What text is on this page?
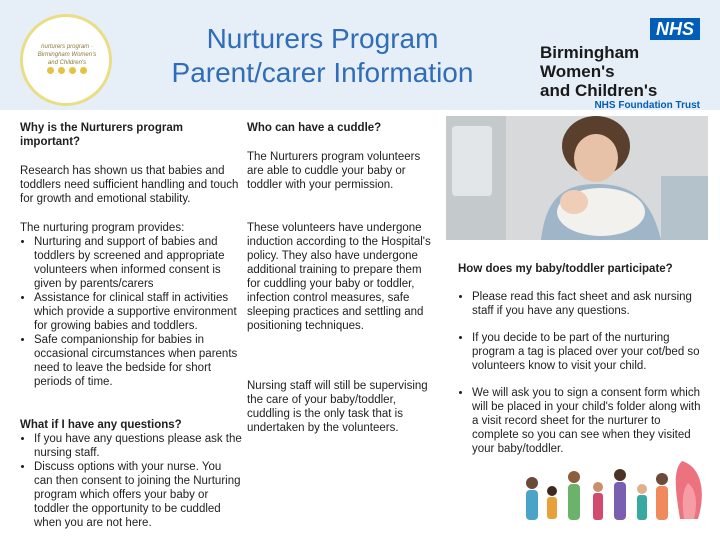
nurturers program · Birmingham Women's and Children's
Nurturers Program
Parent/carer Information
NHS
Birmingham Women's
and Children's
NHS Foundation Trust
Why is the Nurturers program
important?
Research has shown us that babies and toddlers need sufficient handling and touch for growth and emotional stability.
The nurturing program provides:
• Nurturing and support of babies and toddlers by screened and appropriate volunteers when informed consent is given by parents/carers
• Assistance for clinical staff in activities which provide a supportive environment for growing babies and toddlers.
• Safe companionship for babies in occasional circumstances when parents need to leave the bedside for short periods of time.
What if I have any questions?
• If you have any questions please ask the nursing staff.
• Discuss options with your nurse. You can then consent to joining the Nurturing program which offers your baby or toddler the opportunity to be cuddled when you are not here.
Who can have a cuddle?
The Nurturers program volunteers are able to cuddle your baby or toddler with your permission.
These volunteers have undergone induction according to the Hospital's policy. They also have undergone additional training to prepare them for cuddling your baby or toddler, infection control measures, safe sleeping practices and settling and positioning techniques.
Nursing staff will still be supervising the care of your baby/toddler, cuddling is the only task that is undertaken by the volunteers.
How does my baby/toddler participate?
• Please read this fact sheet and ask nursing staff if you have any questions.
• If you decide to be part of the nurturing program a tag is placed over your cot/bed so volunteers know to visit your child.
• We will ask you to sign a consent form which will be placed in your child's folder along with a visit record sheet for the nurturer to complete so you can see when they visited your baby/toddler.
